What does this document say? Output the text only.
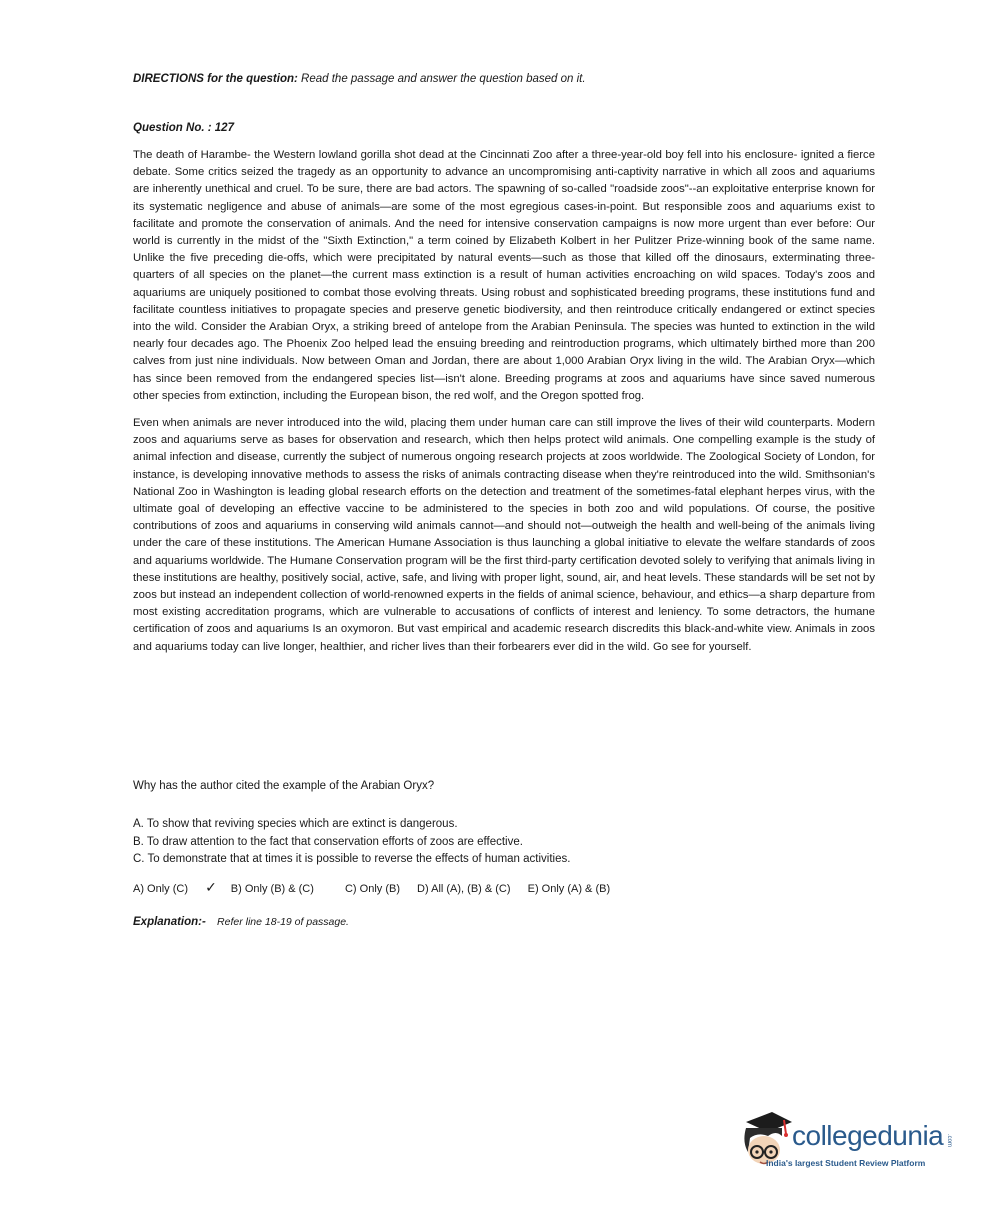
DIRECTIONS for the question: Read the passage and answer the question based on it.
Question No. : 127

The death of Harambe- the Western lowland gorilla shot dead at the Cincinnati Zoo after a three-year-old boy fell into his enclosure- ignited a fierce debate. Some critics seized the tragedy as an opportunity to advance an uncompromising anti-captivity narrative in which all zoos and aquariums are inherently unethical and cruel. To be sure, there are bad actors. The spawning of so-called "roadside zoos"--an exploitative enterprise known for its systematic negligence and abuse of animals—are some of the most egregious cases-in-point. But responsible zoos and aquariums exist to facilitate and promote the conservation of animals. And the need for intensive conservation campaigns is now more urgent than ever before: Our world is currently in the midst of the "Sixth Extinction," a term coined by Elizabeth Kolbert in her Pulitzer Prize-winning book of the same name. Unlike the five preceding die-offs, which were precipitated by natural events—such as those that killed off the dinosaurs, exterminating three-quarters of all species on the planet—the current mass extinction is a result of human activities encroaching on wild spaces. Today's zoos and aquariums are uniquely positioned to combat those evolving threats. Using robust and sophisticated breeding programs, these institutions fund and facilitate countless initiatives to propagate species and preserve genetic biodiversity, and then reintroduce critically endangered or extinct species into the wild. Consider the Arabian Oryx, a striking breed of antelope from the Arabian Peninsula. The species was hunted to extinction in the wild nearly four decades ago. The Phoenix Zoo helped lead the ensuing breeding and reintroduction programs, which ultimately birthed more than 200 calves from just nine individuals. Now between Oman and Jordan, there are about 1,000 Arabian Oryx living in the wild. The Arabian Oryx—which has since been removed from the endangered species list—isn't alone. Breeding programs at zoos and aquariums have since saved numerous other species from extinction, including the European bison, the red wolf, and the Oregon spotted frog.

Even when animals are never introduced into the wild, placing them under human care can still improve the lives of their wild counterparts. Modern zoos and aquariums serve as bases for observation and research, which then helps protect wild animals. One compelling example is the study of animal infection and disease, currently the subject of numerous ongoing research projects at zoos worldwide. The Zoological Society of London, for instance, is developing innovative methods to assess the risks of animals contracting disease when they're reintroduced into the wild. Smithsonian's National Zoo in Washington is leading global research efforts on the detection and treatment of the sometimes-fatal elephant herpes virus, with the ultimate goal of developing an effective vaccine to be administered to the species in both zoo and wild populations. Of course, the positive contributions of zoos and aquariums in conserving wild animals cannot—and should not—outweigh the health and well-being of the animals living under the care of these institutions. The American Humane Association is thus launching a global initiative to elevate the welfare standards of zoos and aquariums worldwide. The Humane Conservation program will be the first third-party certification devoted solely to verifying that animals living in these institutions are healthy, positively social, active, safe, and living with proper light, sound, air, and heat levels. These standards will be set not by zoos but instead an independent collection of world-renowned experts in the fields of animal science, behaviour, and ethics—a sharp departure from most existing accreditation programs, which are vulnerable to accusations of conflicts of interest and leniency. To some detractors, the humane certification of zoos and aquariums Is an oxymoron. But vast empirical and academic research discredits this black-and-white view. Animals in zoos and aquariums today can live longer, healthier, and richer lives than their forbearers ever did in the wild. Go see for yourself.

Why has the author cited the example of the Arabian Oryx?
A. To show that reviving species which are extinct is dangerous.
B. To draw attention to the fact that conservation efforts of zoos are effective.
C. To demonstrate that at times it is possible to reverse the effects of human activities.
A) Only (C) ✓ B) Only (B) & (C)	C) Only (B) D) All (A), (B) & (C) E) Only (A) & (B)
Explanation:- Refer line 18-19 of passage.
collegedunia .com
India's largest Student Review Platform
